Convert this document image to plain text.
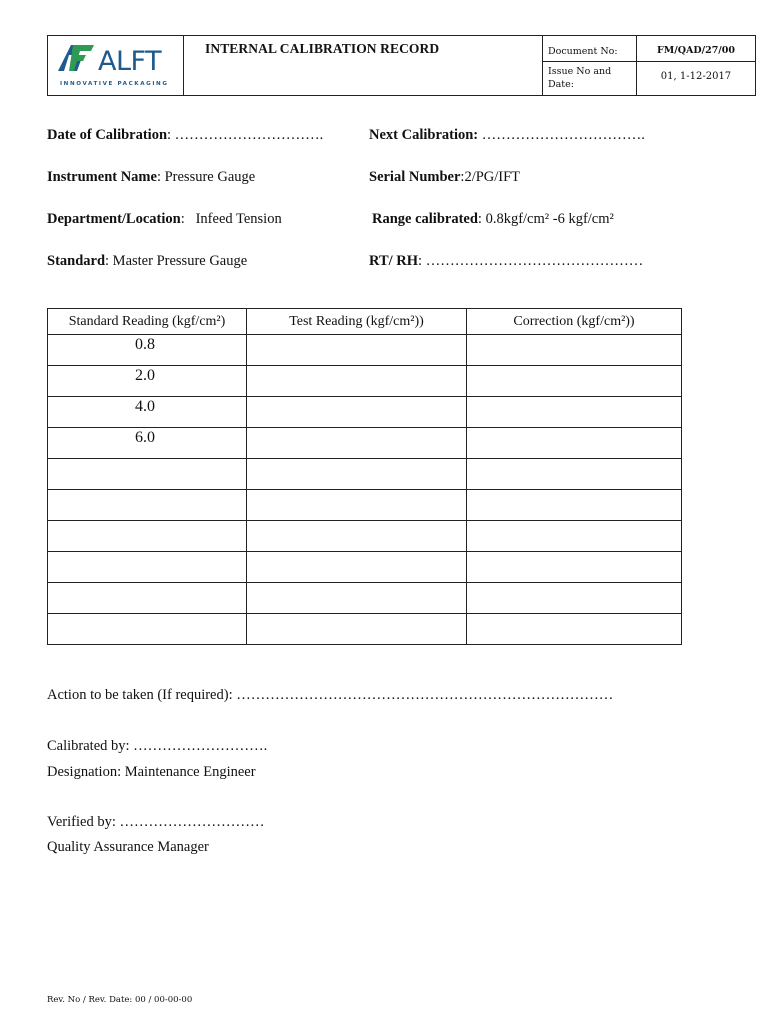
ALFT
INNOVATIVE PACKAGING
INTERNAL CALIBRATION RECORD	Document No:	FM/QAD/27/00
Issue No and
Date:
01, 1-12-2017
Date of Calibration: ………………………….	Next Calibration: …………………………….
Instrument Name: Pressure Gauge	Serial Number:2/PG/IFT
Department/Location:   Infeed Tension	Range calibrated: 0.8kgf/cm² -6 kgf/cm²
Standard: Master Pressure Gauge	RT/ RH: ………………………………………
Standard Reading (kgf/cm²)	Test Reading (kgf/cm²))	Correction (kgf/cm²))
0.8		
2.0		
4.0		
6.0		

Action to be taken (If required): ……………………………………………………………………
Calibrated by: ……………………….
Designation: Maintenance Engineer
Verified by: …………………………
Quality Assurance Manager
Rev. No / Rev. Date: 00 / 00-00-00
